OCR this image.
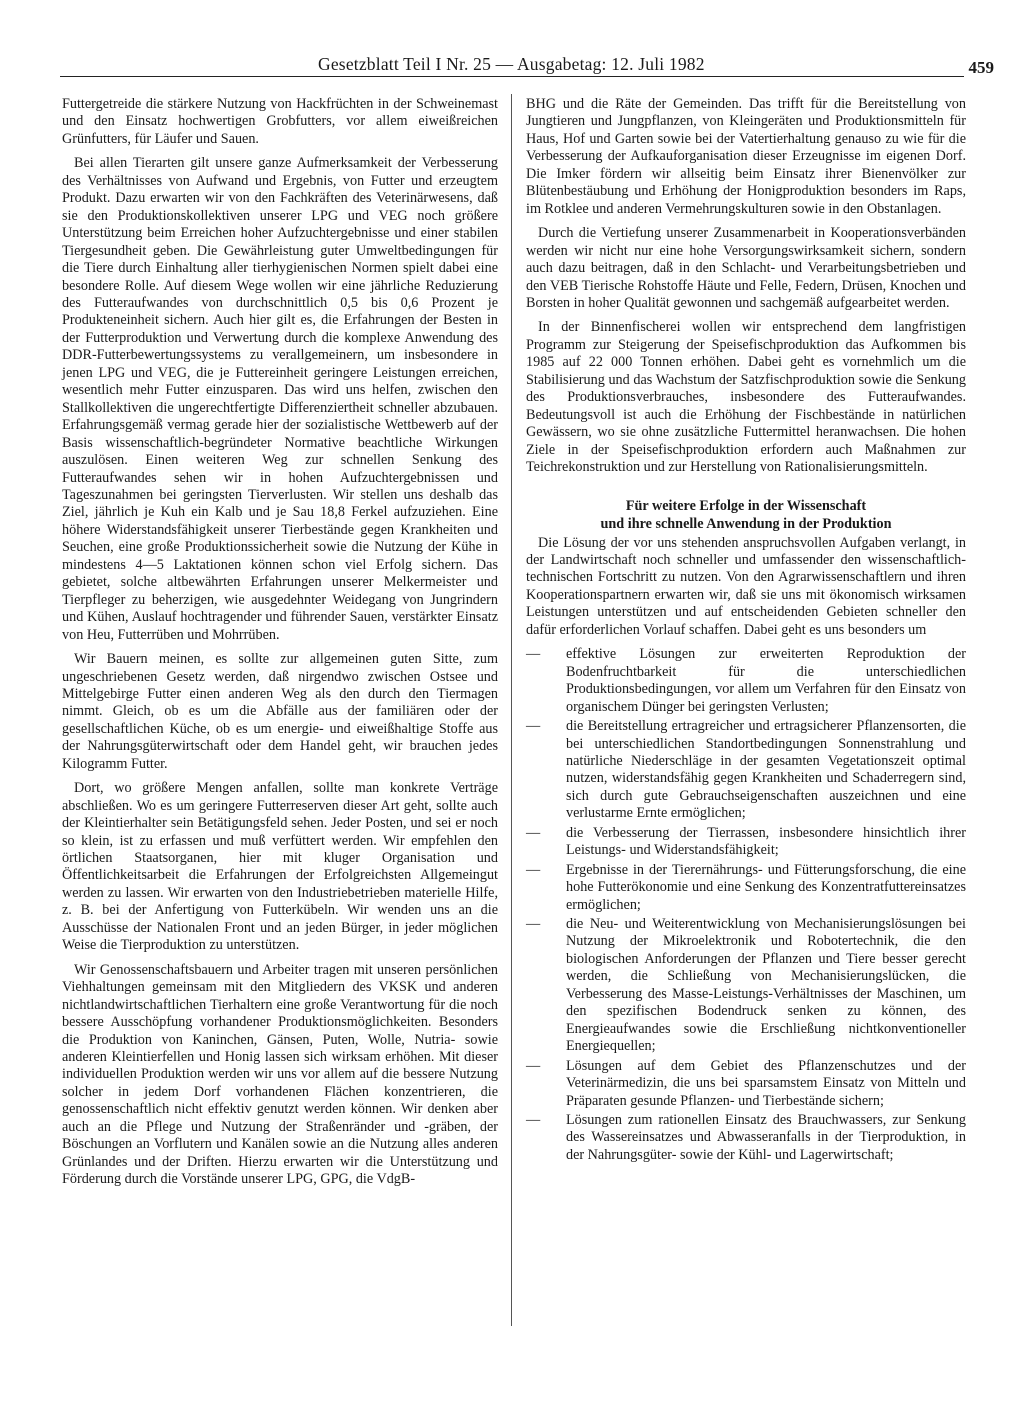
Gesetzblatt Teil I Nr. 25 — Ausgabetag: 12. Juli 1982	459

Futtergetreide die stärkere Nutzung von Hackfrüchten in der Schweinemast und den Einsatz hochwertigen Grobfutters, vor allem eiweißreichen Grünfutters, für Läufer und Sauen.

Bei allen Tierarten gilt unsere ganze Aufmerksamkeit der Verbesserung des Verhältnisses von Aufwand und Ergebnis, von Futter und erzeugtem Produkt. Dazu erwarten wir von den Fachkräften des Veterinärwesens, daß sie den Produktionskollektiven unserer LPG und VEG noch größere Unterstützung beim Erreichen hoher Aufzuchtergebnisse und einer stabilen Tiergesundheit geben. Die Gewährleistung guter Umweltbedingungen für die Tiere durch Einhaltung aller tierhygienischen Normen spielt dabei eine besondere Rolle. Auf diesem Wege wollen wir eine jährliche Reduzierung des Futteraufwandes von durchschnittlich 0,5 bis 0,6 Prozent je Produkteneinheit sichern. Auch hier gilt es, die Erfahrungen der Besten in der Futterproduktion und Verwertung durch die komplexe Anwendung des DDR-Futterbewertungssystems zu verallgemeinern, um insbesondere in jenen LPG und VEG, die je Futtereinheit geringere Leistungen erreichen, wesentlich mehr Futter einzusparen. Das wird uns helfen, zwischen den Stallkollektiven die ungerechtfertigte Differenziertheit schneller abzubauen. Erfahrungsgemäß vermag gerade hier der sozialistische Wettbewerb auf der Basis wissenschaftlich-begründeter Normative beachtliche Wirkungen auszulösen. Einen weiteren Weg zur schnellen Senkung des Futteraufwandes sehen wir in hohen Aufzuchtergebnissen und Tageszunahmen bei geringsten Tierverlusten. Wir stellen uns deshalb das Ziel, jährlich je Kuh ein Kalb und je Sau 18,8 Ferkel aufzuziehen. Eine höhere Widerstandsfähigkeit unserer Tierbestände gegen Krankheiten und Seuchen, eine große Produktionssicherheit sowie die Nutzung der Kühe in mindestens 4—5 Laktationen können schon viel Erfolg sichern. Das gebietet, solche altbewährten Erfahrungen unserer Melkermeister und Tierpfleger zu beherzigen, wie ausgedehnter Weidegang von Jungrindern und Kühen, Auslauf hochtragender und führender Sauen, verstärkter Einsatz von Heu, Futterrüben und Mohrrüben.

Wir Bauern meinen, es sollte zur allgemeinen guten Sitte, zum ungeschriebenen Gesetz werden, daß nirgendwo zwischen Ostsee und Mittelgebirge Futter einen anderen Weg als den durch den Tiermagen nimmt. Gleich, ob es um die Abfälle aus der familiären oder der gesellschaftlichen Küche, ob es um energie- und eiweißhaltige Stoffe aus der Nahrungsgüterwirtschaft oder dem Handel geht, wir brauchen jedes Kilogramm Futter.

Dort, wo größere Mengen anfallen, sollte man konkrete Verträge abschließen. Wo es um geringere Futterreserven dieser Art geht, sollte auch der Kleintierhalter sein Betätigungsfeld sehen. Jeder Posten, und sei er noch so klein, ist zu erfassen und muß verfüttert werden. Wir empfehlen den örtlichen Staatsorganen, hier mit kluger Organisation und Öffentlichkeitsarbeit die Erfahrungen der Erfolgreichsten Allgemeingut werden zu lassen. Wir erwarten von den Industriebetrieben materielle Hilfe, z. B. bei der Anfertigung von Futterkübeln. Wir wenden uns an die Ausschüsse der Nationalen Front und an jeden Bürger, in jeder möglichen Weise die Tierproduktion zu unterstützen.

Wir Genossenschaftsbauern und Arbeiter tragen mit unseren persönlichen Viehhaltungen gemeinsam mit den Mitgliedern des VKSK und anderen nichtlandwirtschaftlichen Tierhaltern eine große Verantwortung für die noch bessere Ausschöpfung vorhandener Produktionsmöglichkeiten. Besonders die Produktion von Kaninchen, Gänsen, Puten, Wolle, Nutria- sowie anderen Kleintierfellen und Honig lassen sich wirksam erhöhen. Mit dieser individuellen Produktion werden wir uns vor allem auf die bessere Nutzung solcher in jedem Dorf vorhandenen Flächen konzentrieren, die genossenschaftlich nicht effektiv genutzt werden können. Wir denken aber auch an die Pflege und Nutzung der Straßenränder und -gräben, der Böschungen an Vorflutern und Kanälen sowie an die Nutzung alles anderen Grünlandes und der Driften. Hierzu erwarten wir die Unterstützung und Förderung durch die Vorstände unserer LPG, GPG, die VdgB-

BHG und die Räte der Gemeinden. Das trifft für die Bereitstellung von Jungtieren und Jungpflanzen, von Kleingeräten und Produktionsmitteln für Haus, Hof und Garten sowie bei der Vatertierhaltung genauso zu wie für die Verbesserung der Aufkauforganisation dieser Erzeugnisse im eigenen Dorf. Die Imker fördern wir allseitig beim Einsatz ihrer Bienenvölker zur Blütenbestäubung und Erhöhung der Honigproduktion besonders im Raps, im Rotklee und anderen Vermehrungskulturen sowie in den Obstanlagen.

Durch die Vertiefung unserer Zusammenarbeit in Kooperationsverbänden werden wir nicht nur eine hohe Versorgungswirksamkeit sichern, sondern auch dazu beitragen, daß in den Schlacht- und Verarbeitungsbetrieben und den VEB Tierische Rohstoffe Häute und Felle, Federn, Drüsen, Knochen und Borsten in hoher Qualität gewonnen und sachgemäß aufgearbeitet werden.

In der Binnenfischerei wollen wir entsprechend dem langfristigen Programm zur Steigerung der Speisefischproduktion das Aufkommen bis 1985 auf 22 000 Tonnen erhöhen. Dabei geht es vornehmlich um die Stabilisierung und das Wachstum der Satzfischproduktion sowie die Senkung des Produktionsverbrauches, insbesondere des Futteraufwandes. Bedeutungsvoll ist auch die Erhöhung der Fischbestände in natürlichen Gewässern, wo sie ohne zusätzliche Futtermittel heranwachsen. Die hohen Ziele in der Speisefischproduktion erfordern auch Maßnahmen zur Teichrekonstruktion und zur Herstellung von Rationalisierungsmitteln.

Für weitere Erfolge in der Wissenschaft
und ihre schnelle Anwendung in der Produktion

Die Lösung der vor uns stehenden anspruchsvollen Aufgaben verlangt, in der Landwirtschaft noch schneller und umfassender den wissenschaftlich-technischen Fortschritt zu nutzen. Von den Agrarwissenschaftlern und ihren Kooperationspartnern erwarten wir, daß sie uns mit ökonomisch wirksamen Leistungen unterstützen und auf entscheidenden Gebieten schneller den dafür erforderlichen Vorlauf schaffen. Dabei geht es uns besonders um

— effektive Lösungen zur erweiterten Reproduktion der Bodenfruchtbarkeit für die unterschiedlichen Produktionsbedingungen, vor allem um Verfahren für den Einsatz von organischem Dünger bei geringsten Verlusten;
— die Bereitstellung ertragreicher und ertragsicherer Pflanzensorten, die bei unterschiedlichen Standortbedingungen Sonnenstrahlung und natürliche Niederschläge in der gesamten Vegetationszeit optimal nutzen, widerstandsfähig gegen Krankheiten und Schaderregern sind, sich durch gute Gebrauchseigenschaften auszeichnen und eine verlustarme Ernte ermöglichen;
— die Verbesserung der Tierrassen, insbesondere hinsichtlich ihrer Leistungs- und Widerstandsfähigkeit;
— Ergebnisse in der Tierernährungs- und Fütterungsforschung, die eine hohe Futterökonomie und eine Senkung des Konzentratfuttereinsatzes ermöglichen;
— die Neu- und Weiterentwicklung von Mechanisierungslösungen bei Nutzung der Mikroelektronik und Robotertechnik, die den biologischen Anforderungen der Pflanzen und Tiere besser gerecht werden, die Schließung von Mechanisierungslücken, die Verbesserung des Masse-Leistungs-Verhältnisses der Maschinen, um den spezifischen Bodendruck senken zu können, des Energieaufwandes sowie die Erschließung nichtkonventioneller Energiequellen;
— Lösungen auf dem Gebiet des Pflanzenschutzes und der Veterinärmedizin, die uns bei sparsamstem Einsatz von Mitteln und Präparaten gesunde Pflanzen- und Tierbestände sichern;
— Lösungen zum rationellen Einsatz des Brauchwassers, zur Senkung des Wassereinsatzes und Abwasseranfalls in der Tierproduktion, in der Nahrungsgüter- sowie der Kühl- und Lagerwirtschaft;
